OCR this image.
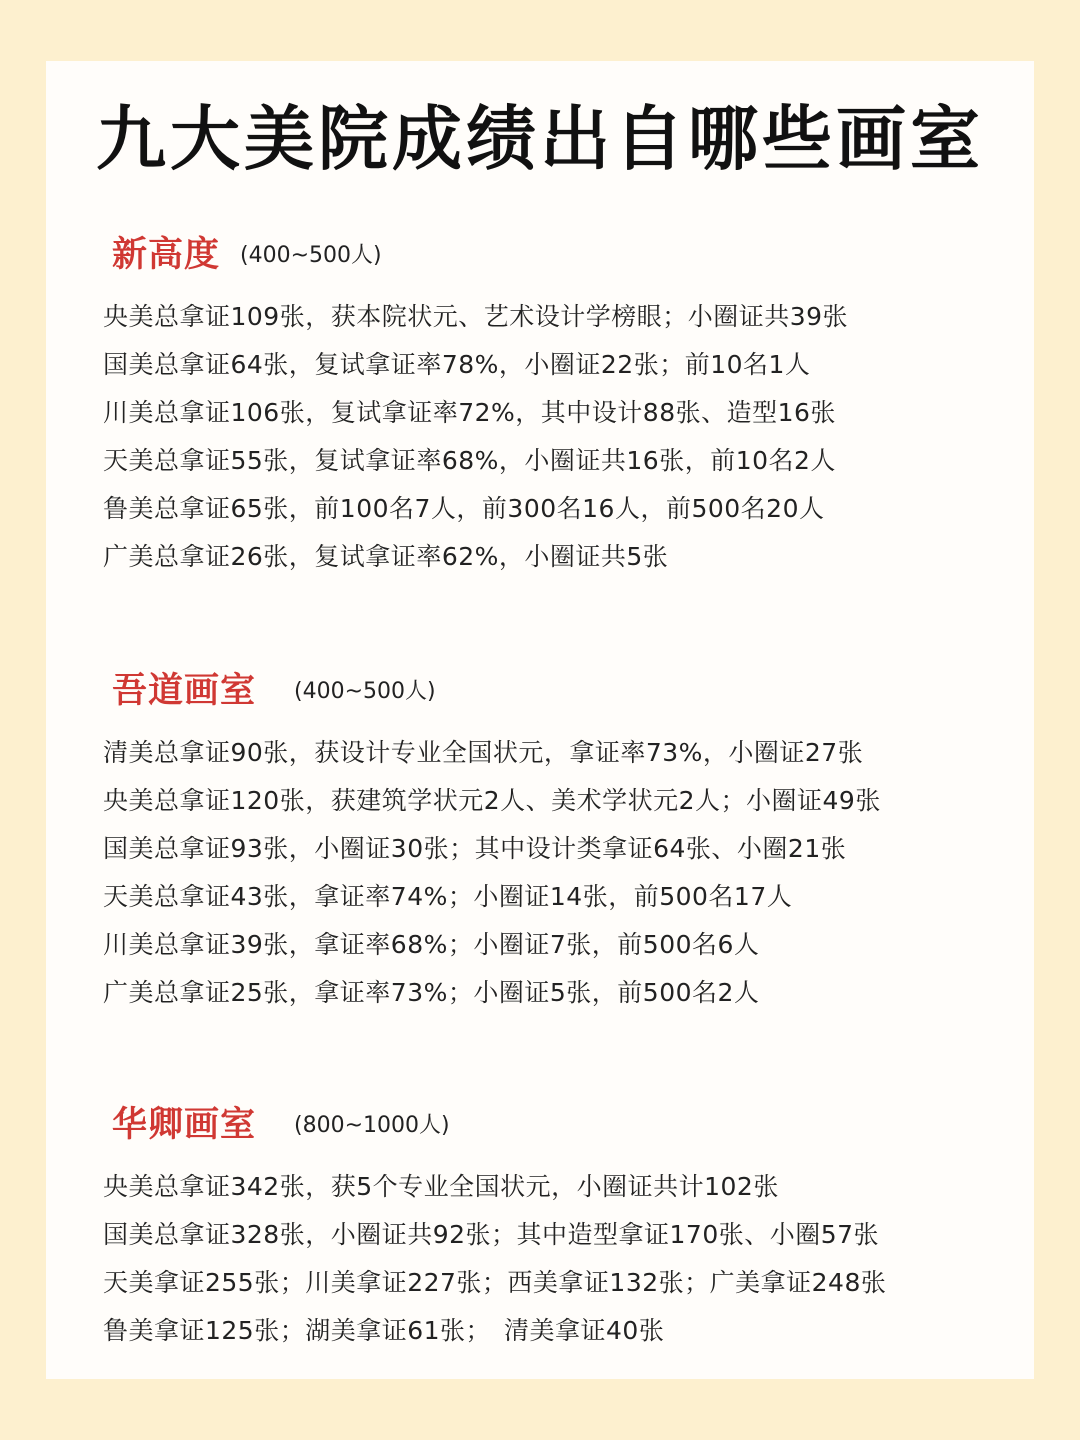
九大美院成绩出自哪些画室
新高度 (400~500人)
央美总拿证109张，获本院状元、艺术设计学榜眼；小圈证共39张
国美总拿证64张，复试拿证率78%，小圈证22张；前10名1人
川美总拿证106张，复试拿证率72%，其中设计88张、造型16张
天美总拿证55张，复试拿证率68%，小圈证共16张，前10名2人
鲁美总拿证65张，前100名7人，前300名16人，前500名20人
广美总拿证26张，复试拿证率62%，小圈证共5张
吾道画室 (400~500人)
清美总拿证90张，获设计专业全国状元，拿证率73%，小圈证27张
央美总拿证120张，获建筑学状元2人、美术学状元2人；小圈证49张
国美总拿证93张，小圈证30张；其中设计类拿证64张、小圈21张
天美总拿证43张，拿证率74%；小圈证14张，前500名17人
川美总拿证39张，拿证率68%；小圈证7张，前500名6人
广美总拿证25张，拿证率73%；小圈证5张，前500名2人
华卿画室 (800~1000人)
央美总拿证342张，获5个专业全国状元，小圈证共计102张
国美总拿证328张，小圈证共92张；其中造型拿证170张、小圈57张
天美拿证255张；川美拿证227张；西美拿证132张；广美拿证248张
鲁美拿证125张；湖美拿证61张；　清美拿证40张
